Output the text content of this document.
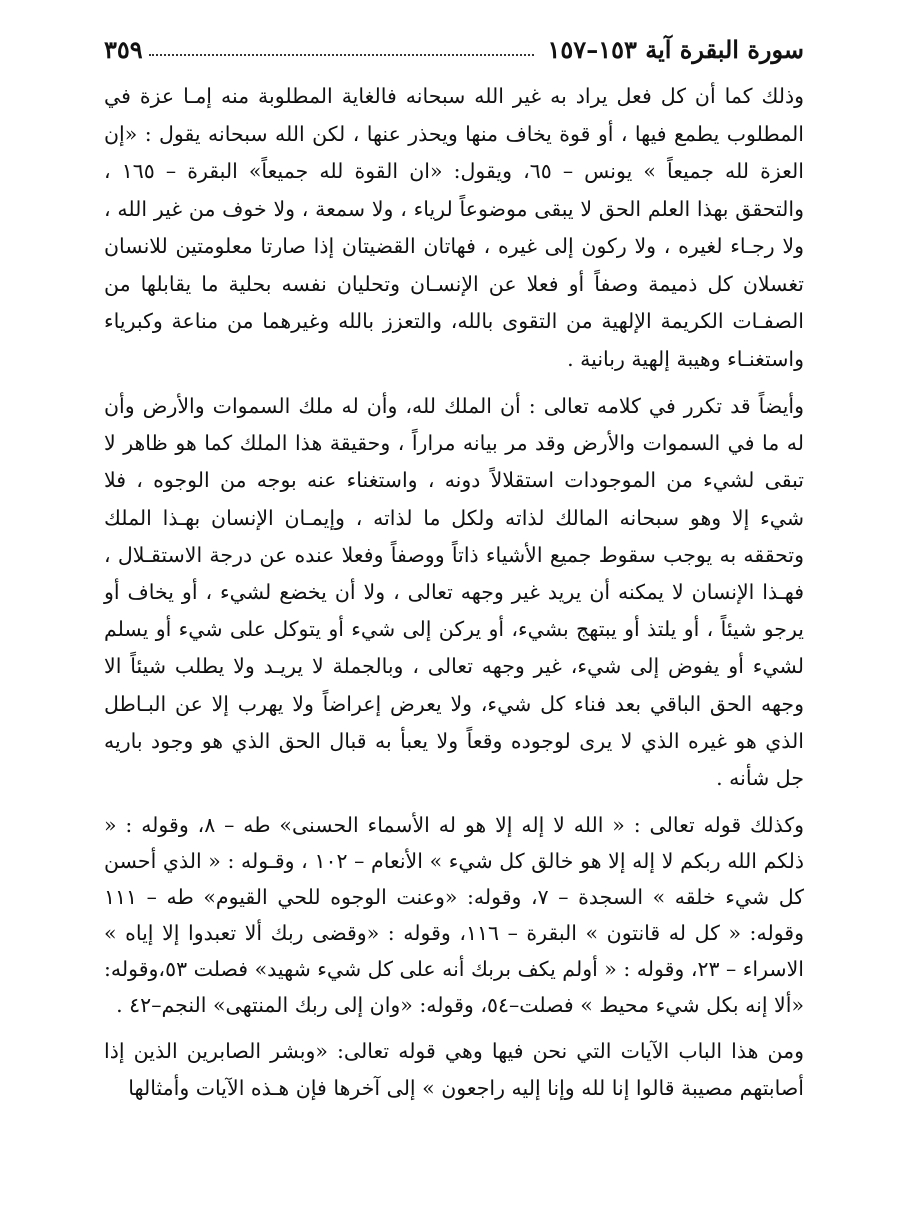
سورة البقرة آية ١٥٣–١٥٧
٣٥٩

وذلك كما أن كل فعل يراد به غير الله سبحانه فالغاية المطلوبة منه إمـا عزة في المطلوب يطمع فيها ، أو قوة يخاف منها ويحذر عنها ، لكن الله سبحانه يقول : «إن العزة لله جميعاً » يونس – ٦٥، ويقول: «ان القوة لله جميعاً» البقرة – ١٦٥ ، والتحقق بهذا العلم الحق لا يبقى موضوعاً لرياء ، ولا سمعة ، ولا خوف من غير الله ، ولا رجـاء لغيره ، ولا ركون إلى غيره ، فهاتان القضيتان إذا صارتا معلومتين للانسان تغسلان كل ذميمة وصفاً أو فعلا عن الإنسـان وتحليان نفسه بحلية ما يقابلها من الصفـات الكريمة الإلهية من التقوى بالله، والتعزز بالله وغيرهما من مناعة وكبرياء واستغنـاء وهيبة إلهية ربانية .

وأيضاً قد تكرر في كلامه تعالى : أن الملك لله، وأن له ملك السموات والأرض وأن له ما في السموات والأرض وقد مر بيانه مراراً ، وحقيقة هذا الملك كما هو ظاهر لا تبقى لشيء من الموجودات استقلالاً دونه ، واستغناء عنه بوجه من الوجوه ، فلا شيء إلا وهو سبحانه المالك لذاته ولكل ما لذاته ، وإيمـان الإنسان بهـذا الملك وتحققه به يوجب سقوط جميع الأشياء ذاتاً ووصفاً وفعلا عنده عن درجة الاستقـلال ، فهـذا الإنسان لا يمكنه أن يريد غير وجهه تعالى ، ولا أن يخضع لشيء ، أو يخاف أو يرجو شيئاً ، أو يلتذ أو يبتهج بشيء، أو يركن إلى شيء أو يتوكل على شيء أو يسلم لشيء أو يفوض إلى شيء، غير وجهه تعالى ، وبالجملة لا يريـد ولا يطلب شيئاً الا وجهه الحق الباقي بعد فناء كل شيء، ولا يعرض إعراضاً ولا يهرب إلا عن البـاطل الذي هو غيره الذي لا يرى لوجوده وقعاً ولا يعبأ به قبال الحق الذي هو وجود باريه جل شأنه .

وكذلك قوله تعالى : « الله لا إله إلا هو له الأسماء الحسنى» طه – ٨، وقوله : « ذلكم الله ربكم لا إله إلا هو خالق كل شيء » الأنعام – ١٠٢ ، وقـوله : « الذي أحسن كل شيء خلقه » السجدة – ٧، وقوله: «وعنت الوجوه للحي القيوم» طه – ١١١ وقوله: « كل له قانتون » البقرة – ١١٦، وقوله : «وقضى ربك ألا تعبدوا إلا إياه » الاسراء – ٢٣، وقوله : « أولم يكف بربك أنه على كل شيء شهيد» فصلت ٥٣،وقوله: «ألا إنه بكل شيء محيط » فصلت–٥٤، وقوله: «وان إلى ربك المنتهى» النجم–٤٢ .

ومن هذا الباب الآيات التي نحن فيها وهي قوله تعالى: «وبشر الصابرين الذين إذا أصابتهم مصيبة قالوا إنا لله وإنا إليه راجعون » إلى آخرها فإن هـذه الآيات وأمثالها
